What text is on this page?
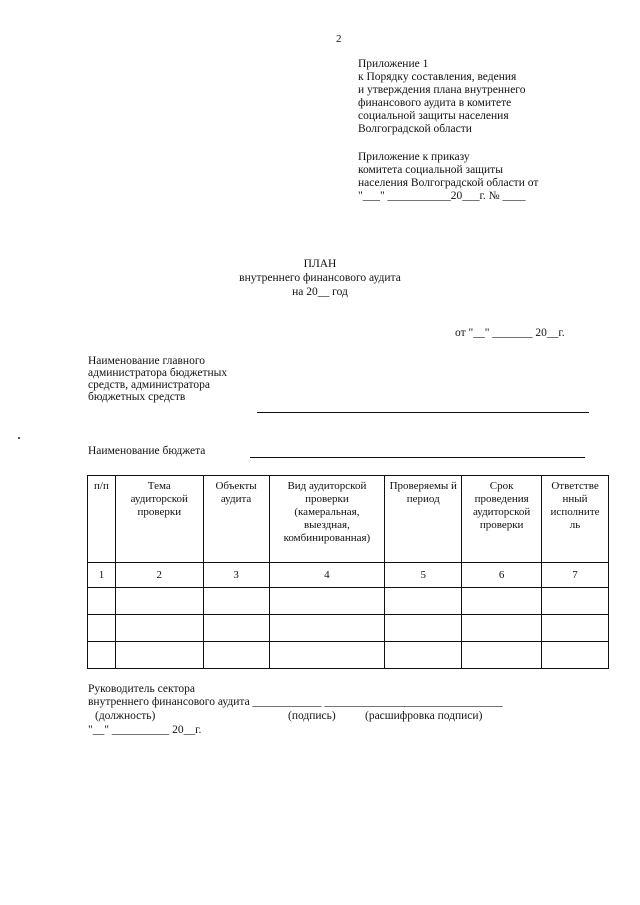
2
Приложение 1
к Порядку составления, ведения
и утверждения плана внутреннего
финансового аудита в комитете
социальной защиты населения
Волгоградской области
Приложение к приказу
комитета социальной защиты
населения Волгоградской области от
"___" ___________20___г. № ____
ПЛАН
внутреннего финансового аудита
на 20__ год
от "__" _______ 20__г.
Наименование главного
администратора бюджетных
средств, администратора
бюджетных средств
Наименование бюджета
п/п	Тема аудиторской проверки	Объекты аудита	Вид аудиторской проверки (камеральная, выездная, комбинированная)	Проверяемы й период	Срок проведения аудиторской проверки	Ответстве нный исполните ль
1	2	3	4	5	6	7

Руководитель сектора
внутреннего финансового аудита ____________ _______________________________
(должность)	(подпись)	(расшифровка подписи)
"__" __________ 20__г.
